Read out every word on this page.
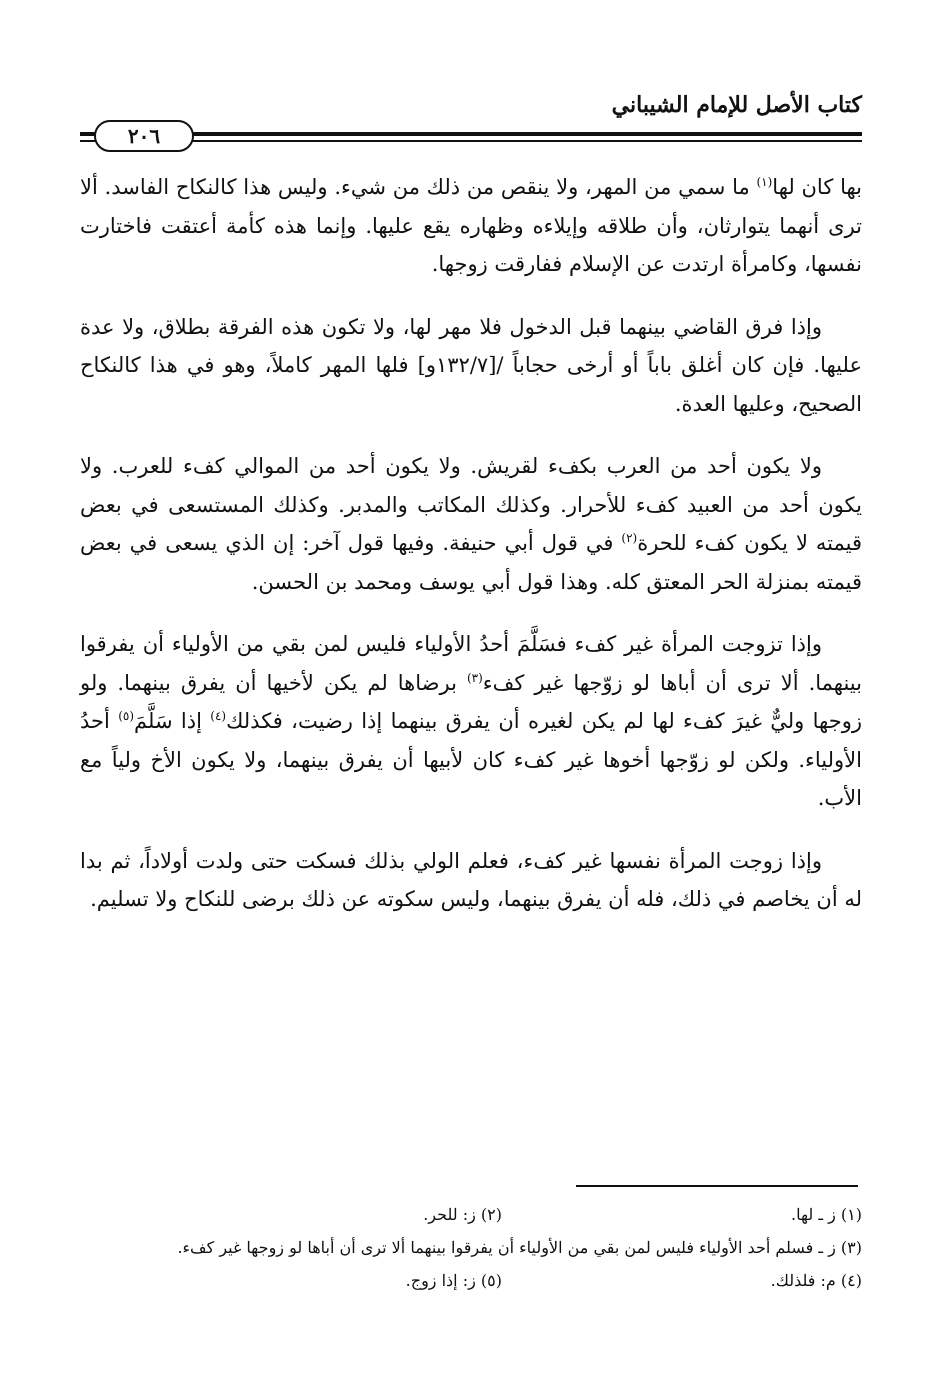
كتاب الأصل للإمام الشيباني
٢٠٦

بها كان لها$^{(١)}$ ما سمي من المهر، ولا ينقص من ذلك من شيء. وليس هذا كالنكاح الفاسد. ألا ترى أنهما يتوارثان، وأن طلاقه وإيلاءه وظهاره يقع عليها. وإنما هذه كأمة أعتقت فاختارت نفسها، وكامرأة ارتدت عن الإسلام ففارقت زوجها.

وإذا فرق القاضي بينهما قبل الدخول فلا مهر لها، ولا تكون هذه الفرقة بطلاق، ولا عدة عليها. فإن كان أغلق باباً أو أرخى حجاباً /[١٣٢/٧و] فلها المهر كاملاً، وهو في هذا كالنكاح الصحيح، وعليها العدة.

ولا يكون أحد من العرب بكفء لقريش. ولا يكون أحد من الموالي كفء للعرب. ولا يكون أحد من العبيد كفء للأحرار. وكذلك المكاتب والمدبر. وكذلك المستسعى في بعض قيمته لا يكون كفء للحرة$^{(٢)}$ في قول أبي حنيفة. وفيها قول آخر: إن الذي يسعى في بعض قيمته بمنزلة الحر المعتق كله. وهذا قول أبي يوسف ومحمد بن الحسن.

وإذا تزوجت المرأة غير كفء فسَلَّمَ أحدُ الأولياء فليس لمن بقي من الأولياء أن يفرقوا بينهما. ألا ترى أن أباها لو زوّجها غير كفء$^{(٣)}$ برضاها لم يكن لأخيها أن يفرق بينهما. ولو زوجها وليٌّ غيرَ كفء لها لم يكن لغيره أن يفرق بينهما إذا رضيت، فكذلك$^{(٤)}$ إذا سَلَّمَ$^{(٥)}$ أحدُ الأولياء. ولكن لو زوّجها أخوها غير كفء كان لأبيها أن يفرق بينهما، ولا يكون الأخ ولياً مع الأب.

وإذا زوجت المرأة نفسها غير كفء، فعلم الولي بذلك فسكت حتى ولدت أولاداً، ثم بدا له أن يخاصم في ذلك، فله أن يفرق بينهما، وليس سكوته عن ذلك برضى للنكاح ولا تسليم.

(١) ز ـ لها.
(٢) ز: للحر.
(٣) ز ـ فسلم أحد الأولياء فليس لمن بقي من الأولياء أن يفرقوا بينهما ألا ترى أن أباها لو زوجها غير كفء.
(٤) م: فلذلك.
(٥) ز: إذا زوج.
